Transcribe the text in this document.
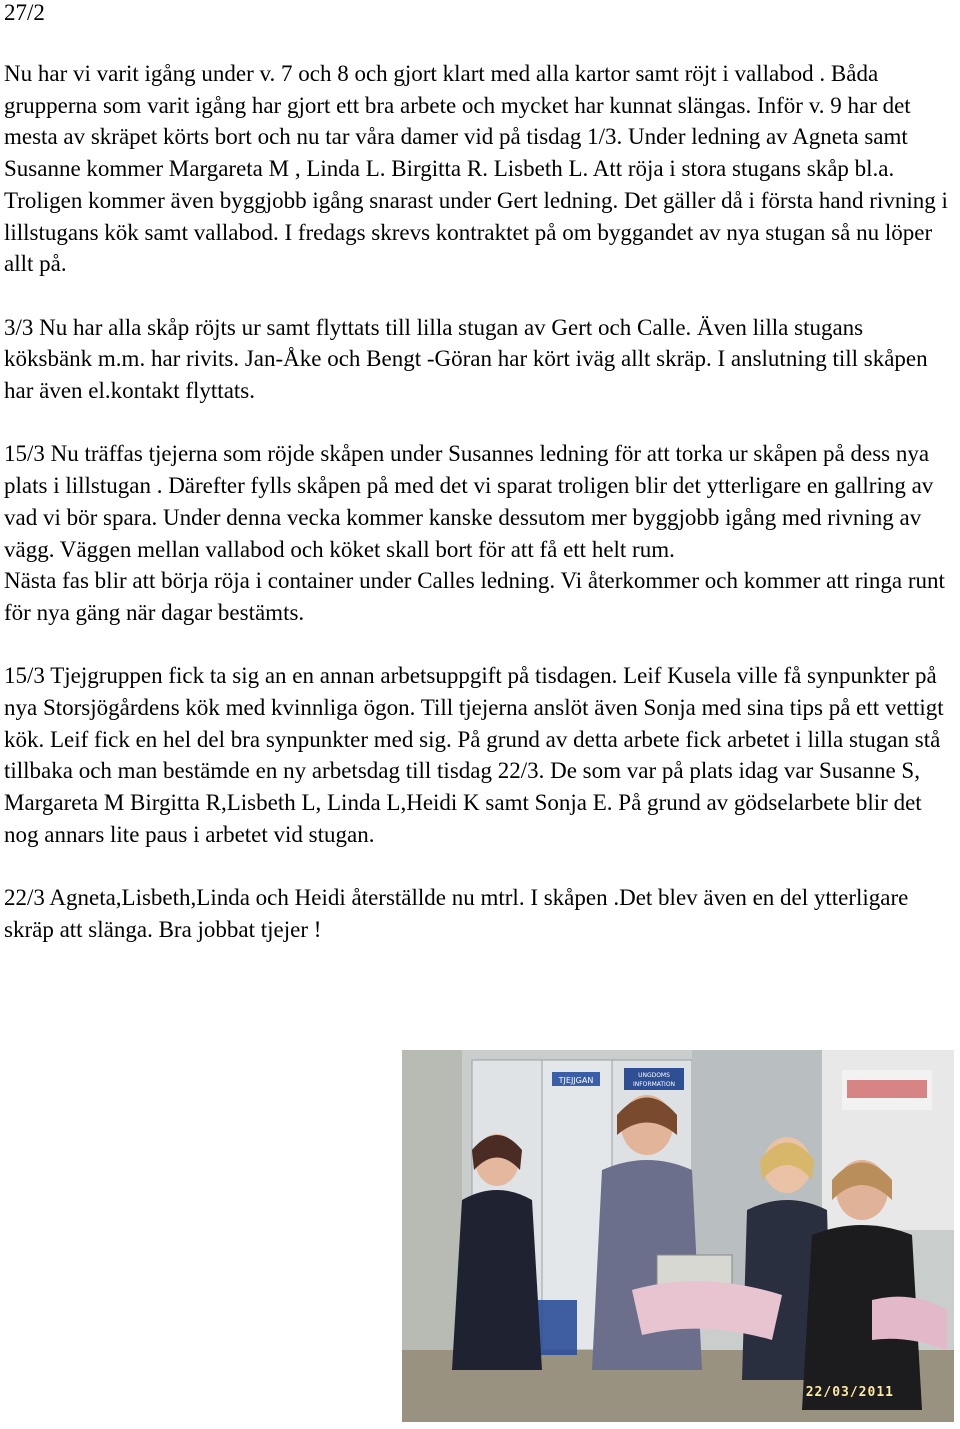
27/2

Nu har vi varit igång under v. 7 och 8 och gjort klart med alla kartor samt röjt i vallabod . Båda grupperna som varit igång har gjort ett bra arbete och mycket har kunnat slängas. Inför v. 9 har det mesta av skräpet körts bort och nu tar våra damer vid på tisdag 1/3. Under ledning av Agneta samt Susanne kommer Margareta M , Linda L. Birgitta R. Lisbeth L. Att röja i stora stugans skåp bl.a. Troligen kommer även byggjobb igång snarast under Gert ledning. Det gäller då i första hand rivning i lillstugans kök samt vallabod. I fredags skrevs kontraktet på om byggandet av nya stugan så nu löper allt på.

3/3 Nu har alla skåp röjts ur samt flyttats till lilla stugan av Gert och Calle. Även lilla stugans köksbänk m.m. har rivits. Jan-Åke och Bengt -Göran har kört iväg allt skräp. I anslutning till skåpen har även el.kontakt flyttats.

15/3 Nu träffas tjejerna som röjde skåpen under Susannes ledning för att torka ur skåpen på dess nya plats i lillstugan . Därefter fylls skåpen på med det vi sparat troligen blir det ytterligare en gallring av vad vi bör spara. Under denna vecka kommer kanske dessutom mer byggjobb igång med rivning av vägg. Väggen mellan vallabod och köket skall bort för att få ett helt rum.

Nästa fas blir att börja röja i container under Calles ledning. Vi återkommer och kommer att ringa runt för nya gäng när dagar bestämts.

15/3 Tjejgruppen fick ta sig an en annan arbetsuppgift på tisdagen. Leif Kusela ville få synpunkter på nya Storsjögårdens kök med kvinnliga ögon. Till tjejerna anslöt även Sonja med sina tips på ett vettigt kök. Leif fick en hel del bra synpunkter med sig. På grund av detta arbete fick arbetet i lilla stugan stå tillbaka och man bestämde en ny arbetsdag till tisdag 22/3. De som var på plats idag var Susanne S, Margareta M Birgitta R,Lisbeth L, Linda L,Heidi K samt Sonja E. På grund av gödselarbete blir det nog annars lite paus i arbetet vid stugan.

22/3 Agneta,Lisbeth,Linda och Heidi återställde nu mtrl. I skåpen .Det blev även en del ytterligare skräp att slänga. Bra jobbat tjejer !

TJEJJGAN
UNGDOMS
INFORMATION
UNGDOMS INFORMATION
22/03/2011
